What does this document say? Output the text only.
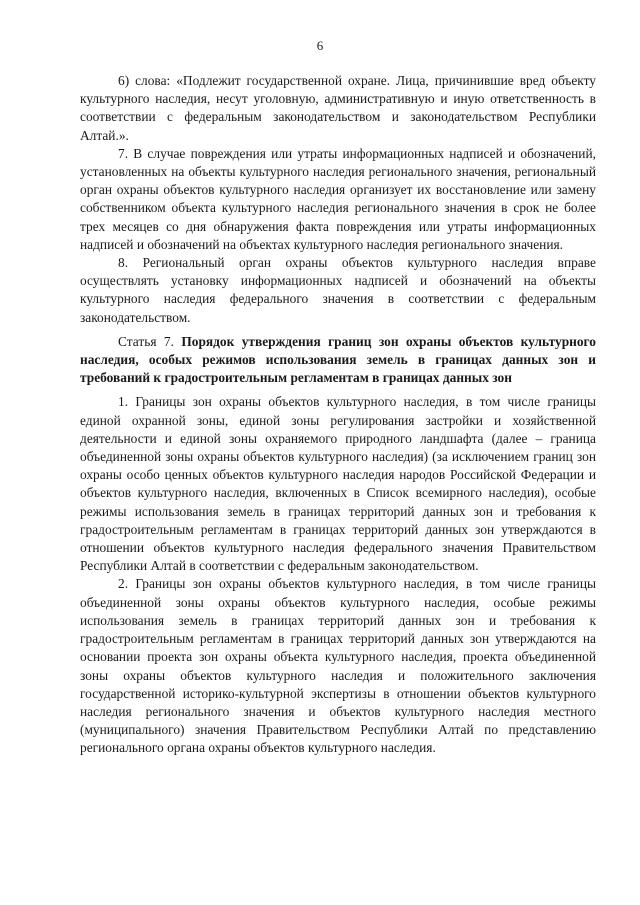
6

6) слова: «Подлежит государственной охране. Лица, причинившие вред объекту культурного наследия, несут уголовную, административную и иную ответственность в соответствии с федеральным законодательством и законодательством Республики Алтай.».

7. В случае повреждения или утраты информационных надписей и обозначений, установленных на объекты культурного наследия регионального значения, региональный орган охраны объектов культурного наследия организует их восстановление или замену собственником объекта культурного наследия регионального значения в срок не более трех месяцев со дня обнаружения факта повреждения или утраты информационных надписей и обозначений на объектах культурного наследия регионального значения.

8. Региональный орган охраны объектов культурного наследия вправе осуществлять установку информационных надписей и обозначений на объекты культурного наследия федерального значения в соответствии с федеральным законодательством.

Статья 7. Порядок утверждения границ зон охраны объектов культурного наследия, особых режимов использования земель в границах данных зон и требований к градостроительным регламентам в границах данных зон

1. Границы зон охраны объектов культурного наследия, в том числе границы единой охранной зоны, единой зоны регулирования застройки и хозяйственной деятельности и единой зоны охраняемого природного ландшафта (далее – граница объединенной зоны охраны объектов культурного наследия) (за исключением границ зон охраны особо ценных объектов культурного наследия народов Российской Федерации и объектов культурного наследия, включенных в Список всемирного наследия), особые режимы использования земель в границах территорий данных зон и требования к градостроительным регламентам в границах территорий данных зон утверждаются в отношении объектов культурного наследия федерального значения Правительством Республики Алтай в соответствии с федеральным законодательством.

2. Границы зон охраны объектов культурного наследия, в том числе границы объединенной зоны охраны объектов культурного наследия, особые режимы использования земель в границах территорий данных зон и требования к градостроительным регламентам в границах территорий данных зон утверждаются на основании проекта зон охраны объекта культурного наследия, проекта объединенной зоны охраны объектов культурного наследия и положительного заключения государственной историко-культурной экспертизы в отношении объектов культурного наследия регионального значения и объектов культурного наследия местного (муниципального) значения Правительством Республики Алтай по представлению регионального органа охраны объектов культурного наследия.
